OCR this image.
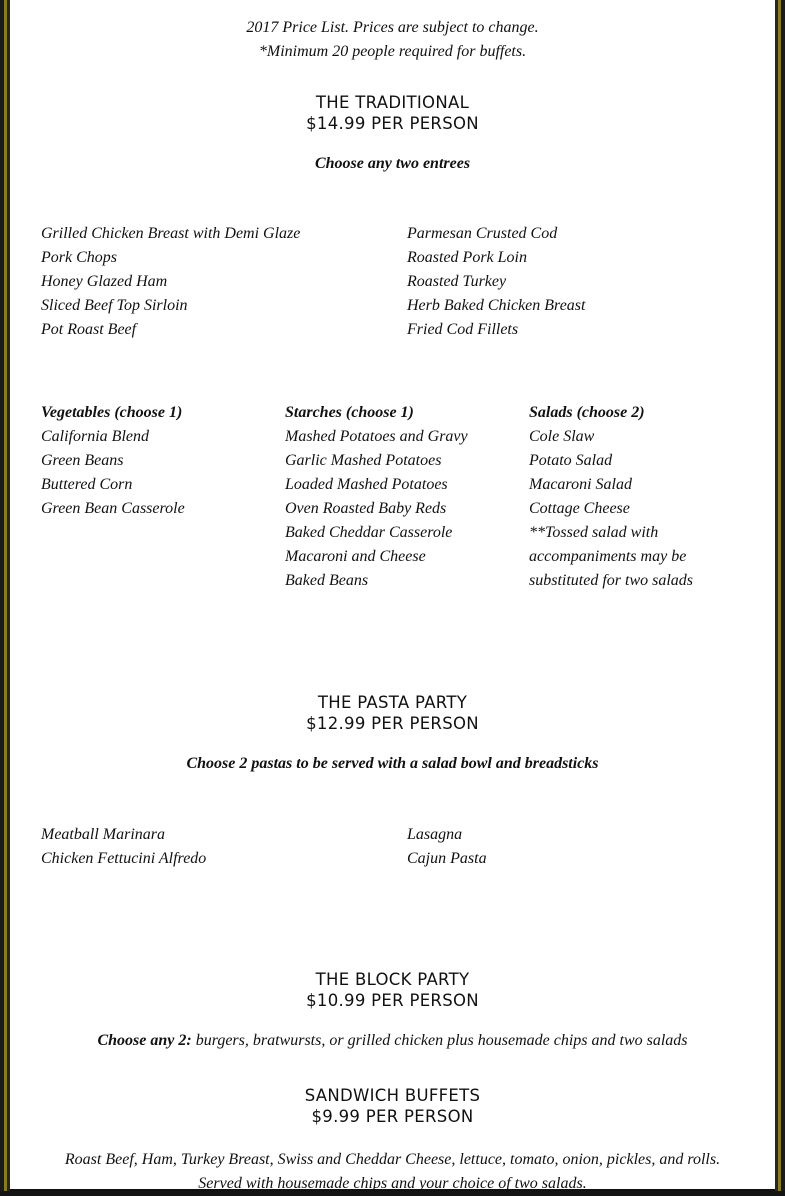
2017 Price List. Prices are subject to change.
*Minimum 20 people required for buffets.
THE TRADITIONAL
$14.99 PER PERSON
Choose any two entrees
Grilled Chicken Breast with Demi Glaze
Pork Chops
Honey Glazed Ham
Sliced Beef Top Sirloin
Pot Roast Beef
Parmesan Crusted Cod
Roasted Pork Loin
Roasted Turkey
Herb Baked Chicken Breast
Fried Cod Fillets
Vegetables (choose 1)
California Blend
Green Beans
Buttered Corn
Green Bean Casserole
Starches (choose 1)
Mashed Potatoes and Gravy
Garlic Mashed Potatoes
Loaded Mashed Potatoes
Oven Roasted Baby Reds
Baked Cheddar Casserole
Macaroni and Cheese
Baked Beans
Salads (choose 2)
Cole Slaw
Potato Salad
Macaroni Salad
Cottage Cheese
**Tossed salad with
accompaniments may be
substituted for two salads
THE PASTA PARTY
$12.99 PER PERSON
Choose 2 pastas to be served with a salad bowl and breadsticks
Meatball Marinara
Chicken Fettucini Alfredo
Lasagna
Cajun Pasta
THE BLOCK PARTY
$10.99 PER PERSON
Choose any 2: burgers, bratwursts, or grilled chicken plus housemade chips and two salads
SANDWICH BUFFETS
$9.99 PER PERSON
Roast Beef, Ham, Turkey Breast, Swiss and Cheddar Cheese, lettuce, tomato, onion, pickles, and rolls.
Served with housemade chips and your choice of two salads.
